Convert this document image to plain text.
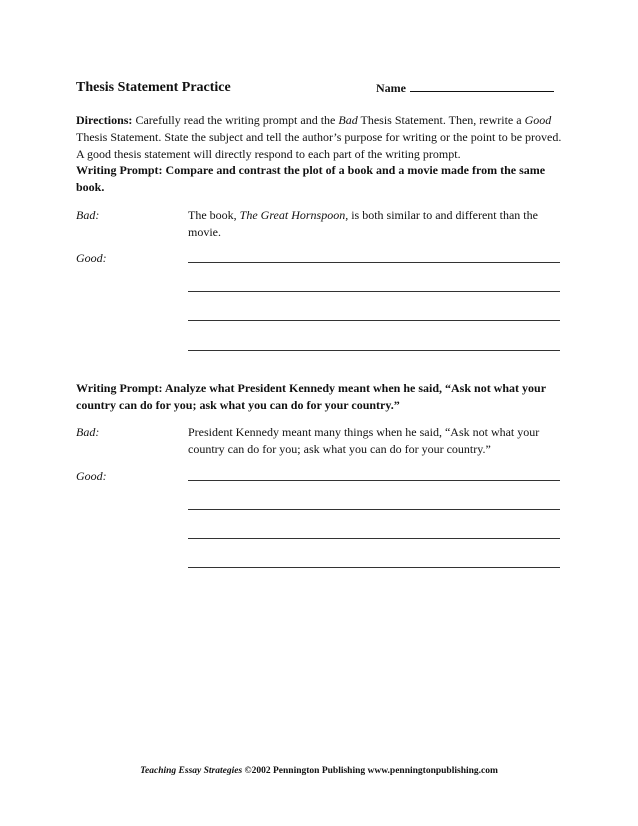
Thesis Statement Practice	Name
Directions: Carefully read the writing prompt and the Bad Thesis Statement. Then, rewrite a Good Thesis Statement. State the subject and tell the author’s purpose for writing or the point to be proved. A good thesis statement will directly respond to each part of the writing prompt.
Writing Prompt: Compare and contrast the plot of a book and a movie made from the same book.
Bad:	The book, The Great Hornspoon, is both similar to and different than the movie.
Good:
Writing Prompt: Analyze what President Kennedy meant when he said, “Ask not what your country can do for you; ask what you can do for your country.”
Bad:	President Kennedy meant many things when he said, “Ask not what your country can do for you; ask what you can do for your country.”
Good:
Teaching Essay Strategies ©2002 Pennington Publishing www.penningtonpublishing.com
